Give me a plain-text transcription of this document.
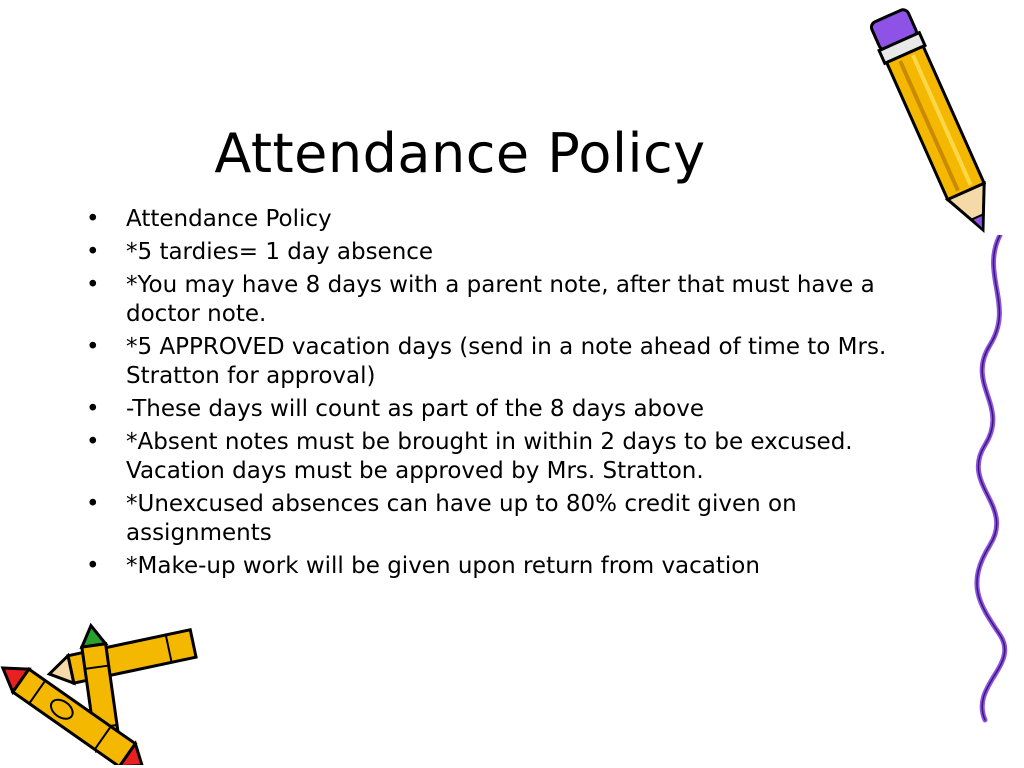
Attendance Policy
• Attendance Policy
• *5 tardies= 1 day absence
• *You may have 8 days with a parent note, after that must have a doctor note.
• *5 APPROVED vacation days (send in a note ahead of time to Mrs. Stratton for approval)
• -These days will count as part of the 8 days above
• *Absent notes must be brought in within 2 days to be excused. Vacation days must be approved by Mrs. Stratton.
• *Unexcused absences can have up to 80% credit given on assignments
• *Make-up work will be given upon return from vacation
